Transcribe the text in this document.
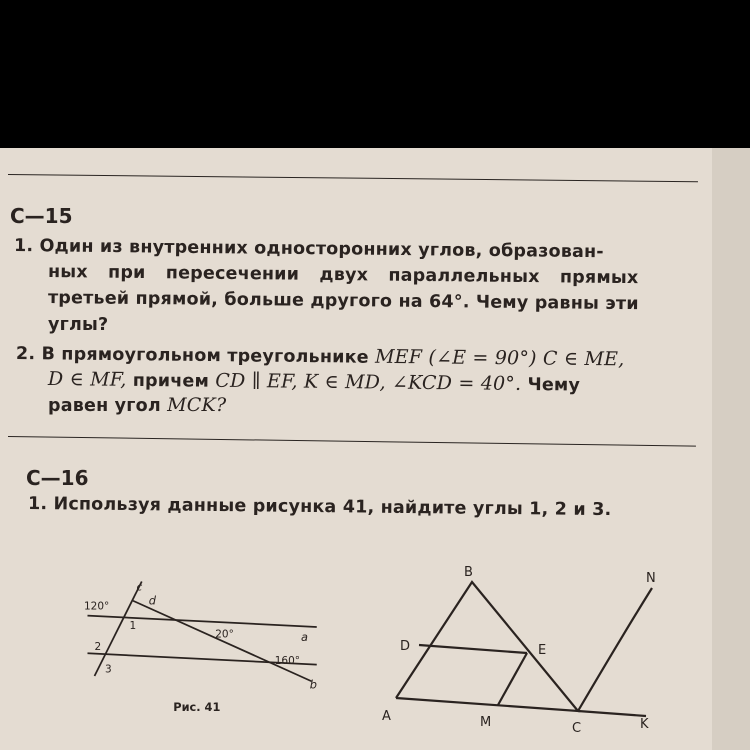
С—15
1. Один из внутренних односторонних углов, образован-
ных при пересечении двух параллельных прямых
третьей прямой, больше другого на 64°. Чему равны эти
углы?
2. В прямоугольном треугольнике MEF (∠E = 90°) C ∈ ME,
D ∈ MF, причем CD ∥ EF, K ∈ MD, ∠KCD = 40°. Чему
равен угол MCK?
С—16
1. Используя данные рисунка 41, найдите углы 1, 2 и 3.
120°
c
d
1
20°	a
2
160°
3
b
Рис. 41
B	N
D	E
A	M	C	K
